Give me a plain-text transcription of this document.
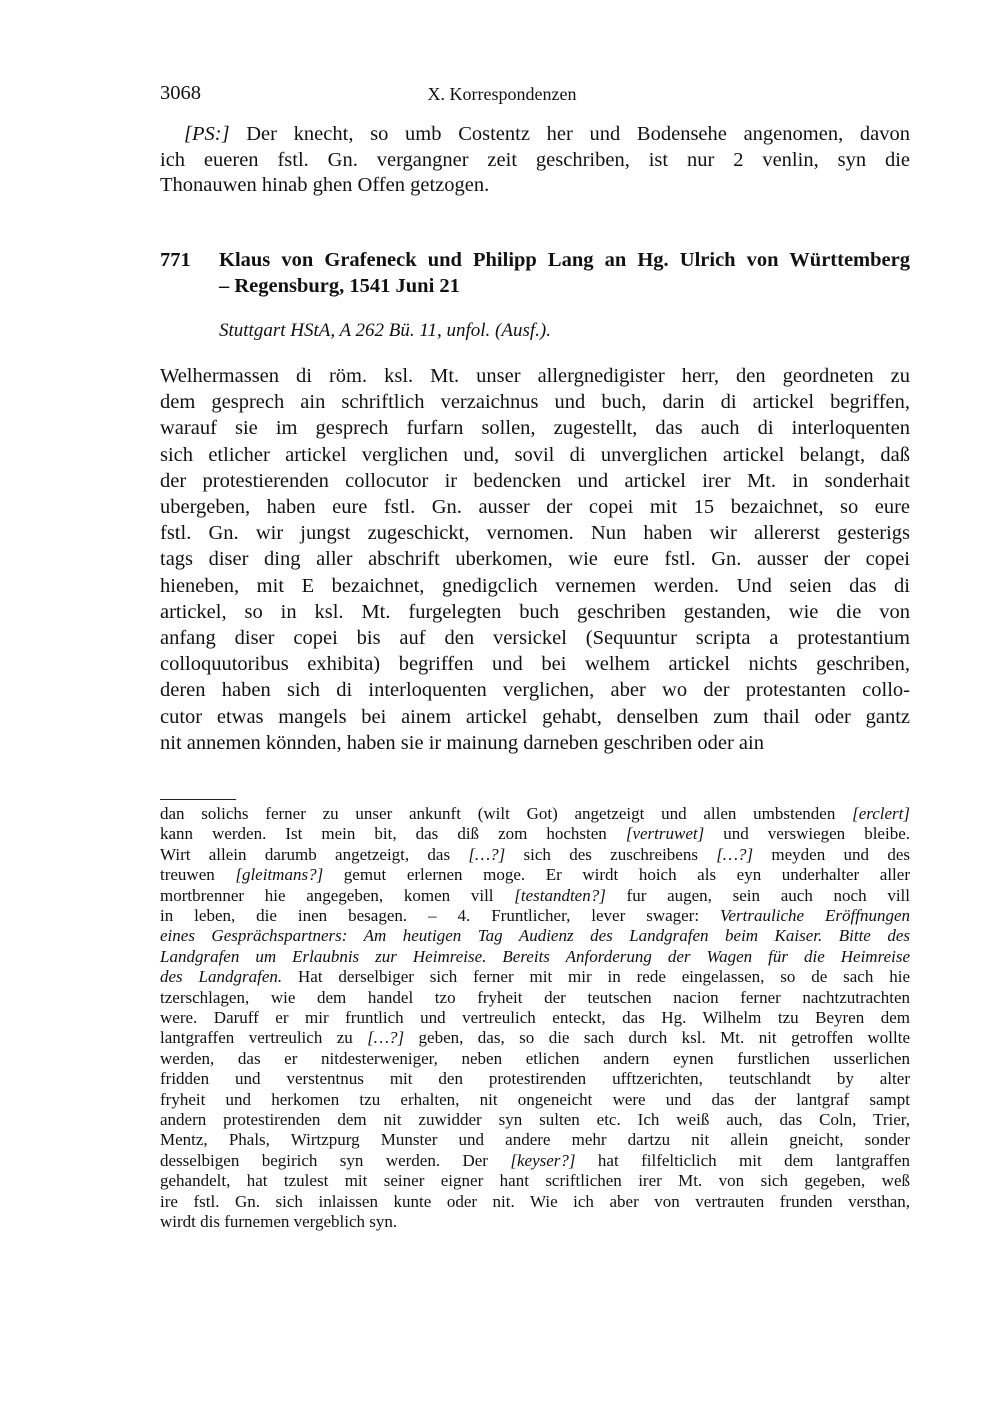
3068	X. Korrespondenzen
[PS:] Der knecht, so umb Costentz her und Bodensehe angenomen, davon
ich eueren fstl. Gn. vergangner zeit geschriben, ist nur 2 venlin, syn die
Thonauwen hinab ghen Offen getzogen.
771 Klaus von Grafeneck und Philipp Lang an Hg. Ulrich von Württemberg
– Regensburg, 1541 Juni 21
Stuttgart HStA, A 262 Bü. 11, unfol. (Ausf.).
Welhermassen di röm. ksl. Mt. unser allergnedigister herr, den geordneten zu
dem gesprech ain schriftlich verzaichnus und buch, darin di artickel begriffen,
warauf sie im gesprech furfarn sollen, zugestellt, das auch di interloquenten
sich etlicher artickel verglichen und, sovil di unverglichen artickel belangt, daß
der protestierenden collocutor ir bedencken und artickel irer Mt. in sonderhait
ubergeben, haben eure fstl. Gn. ausser der copei mit 15 bezaichnet, so eure
fstl. Gn. wir jungst zugeschickt, vernomen. Nun haben wir allererst gesterigs
tags diser ding aller abschrift uberkomen, wie eure fstl. Gn. ausser der copei
hieneben, mit E bezaichnet, gnedigclich vernemen werden. Und seien das di
artickel, so in ksl. Mt. furgelegten buch geschriben gestanden, wie die von
anfang diser copei bis auf den versickel (Sequuntur scripta a protestantium
colloquutoribus exhibita) begriffen und bei welhem artickel nichts geschriben,
deren haben sich di interloquenten verglichen, aber wo der protestanten collo-
cutor etwas mangels bei ainem artickel gehabt, denselben zum thail oder gantz
nit annemen könnden, haben sie ir mainung darneben geschriben oder ain
dan solichs ferner zu unser ankunft (wilt Got) angetzeigt und allen umbstenden [erclert]
kann werden. Ist mein bit, das diß zom hochsten [vertruwet] und verswiegen bleibe.
Wirt allein darumb angetzeigt, das […?] sich des zuschreibens […?] meyden und des
treuwen [gleitmans?] gemut erlernen moge. Er wirdt hoich als eyn underhalter aller
mortbrenner hie angegeben, komen vill [testandten?] fur augen, sein auch noch vill
in leben, die inen besagen. – 4. Fruntlicher, lever swager: Vertrauliche Eröffnungen
eines Gesprächspartners: Am heutigen Tag Audienz des Landgrafen beim Kaiser. Bitte des
Landgrafen um Erlaubnis zur Heimreise. Bereits Anforderung der Wagen für die Heimreise
des Landgrafen. Hat derselbiger sich ferner mit mir in rede eingelassen, so de sach hie
tzerschlagen, wie dem handel tzo fryheit der teutschen nacion ferner nachtzutrachten
were. Daruff er mir fruntlich und vertreulich enteckt, das Hg. Wilhelm tzu Beyren dem
lantgraffen vertreulich zu […?] geben, das, so die sach durch ksl. Mt. nit getroffen wollte
werden, das er nitdesterweniger, neben etlichen andern eynen furstlichen usserlichen
fridden und verstentnus mit den protestirenden ufftzerichten, teutschlandt by alter
fryheit und herkomen tzu erhalten, nit ongeneicht were und das der lantgraf sampt
andern protestirenden dem nit zuwidder syn sulten etc. Ich weiß auch, das Coln, Trier,
Mentz, Phals, Wirtzpurg Munster und andere mehr dartzu nit allein gneicht, sonder
desselbigen begirich syn werden. Der [keyser?] hat filfelticlich mit dem lantgraffen
gehandelt, hat tzulest mit seiner eigner hant scriftlichen irer Mt. von sich gegeben, weß
ire fstl. Gn. sich inlaissen kunte oder nit. Wie ich aber von vertrauten frunden versthan,
wirdt dis furnemen vergeblich syn.
